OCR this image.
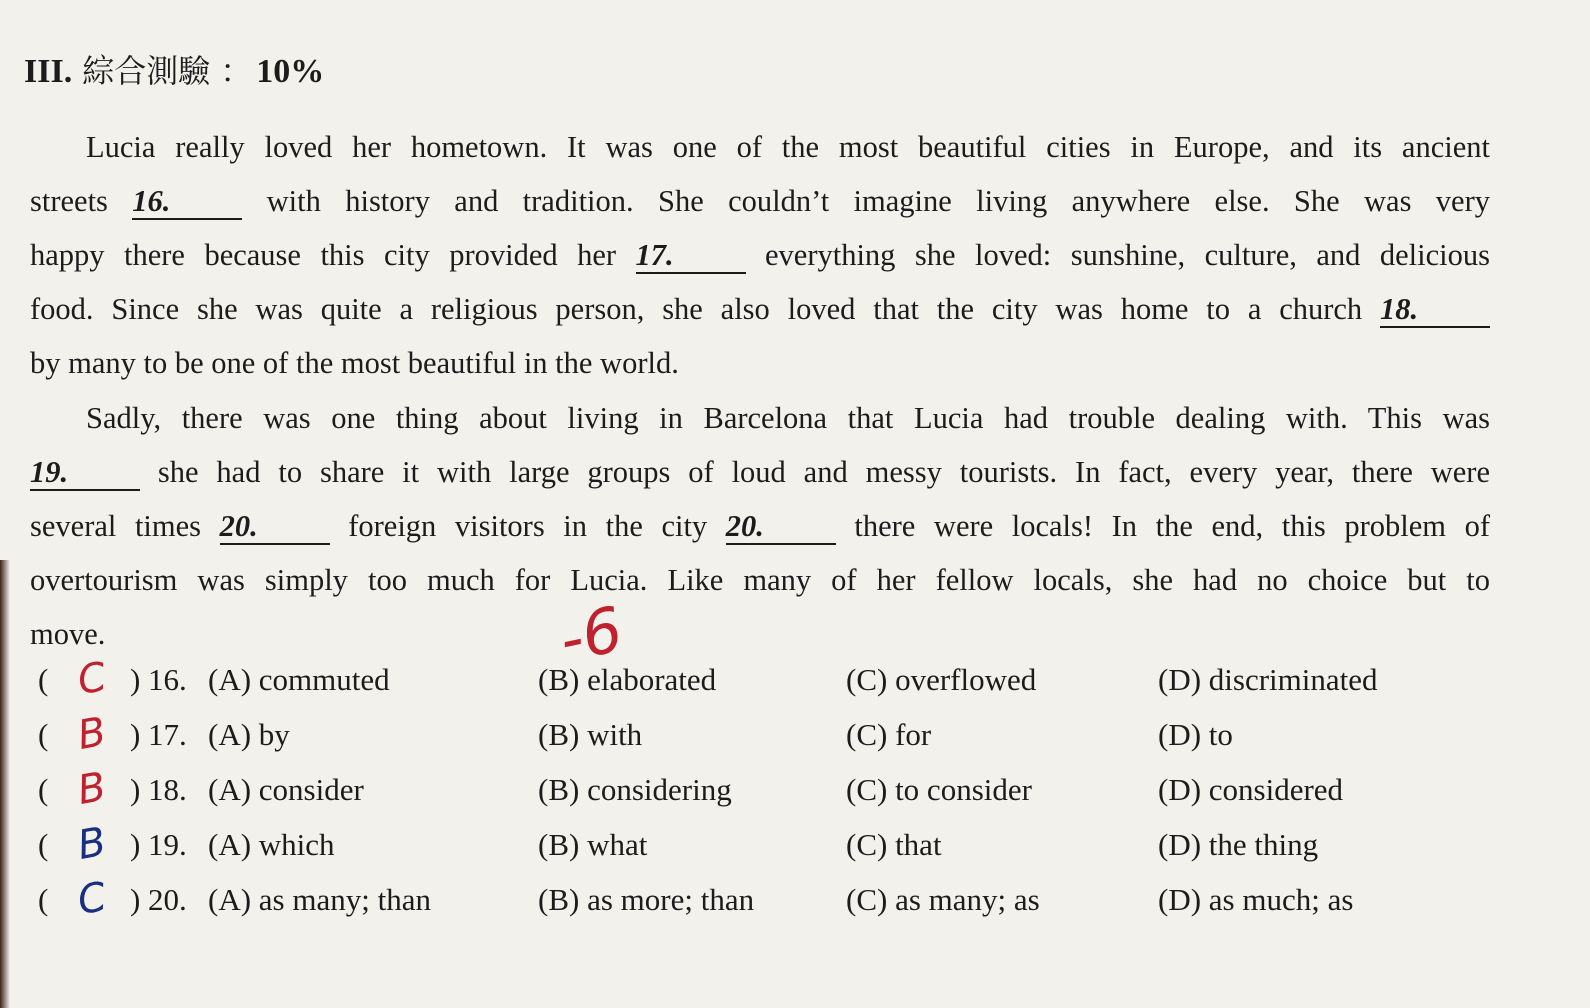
III. 綜合測驗 ： 10%
Lucia really loved her hometown. It was one of the most beautiful cities in Europe, and its ancient
streets 16.	with history and tradition. She couldn’t imagine living anywhere else. She was very
happy there because this city provided her 17.	everything she loved: sunshine, culture, and delicious
food. Since she was quite a religious person, she also loved that the city was home to a church 18.
by many to be one of the most beautiful in the world.
Sadly, there was one thing about living in Barcelona that Lucia had trouble dealing with. This was
19.	she had to share it with large groups of loud and messy tourists. In fact, every year, there were
several times 20.	foreign visitors in the city 20.	there were locals! In the end, this problem of
overtourism was simply too much for Lucia. Like many of her fellow locals, she had no choice but to
move.	-6
( C ) 16. (A) commuted	(B) elaborated	(C) overflowed	(D) discriminated
( B ) 17. (A) by	(B) with	(C) for	(D) to
( B ) 18. (A) consider	(B) considering	(C) to consider	(D) considered
( B ) 19. (A) which	(B) what	(C) that	(D) the thing
( C ) 20. (A) as many; than	(B) as more; than	(C) as many; as	(D) as much; as
